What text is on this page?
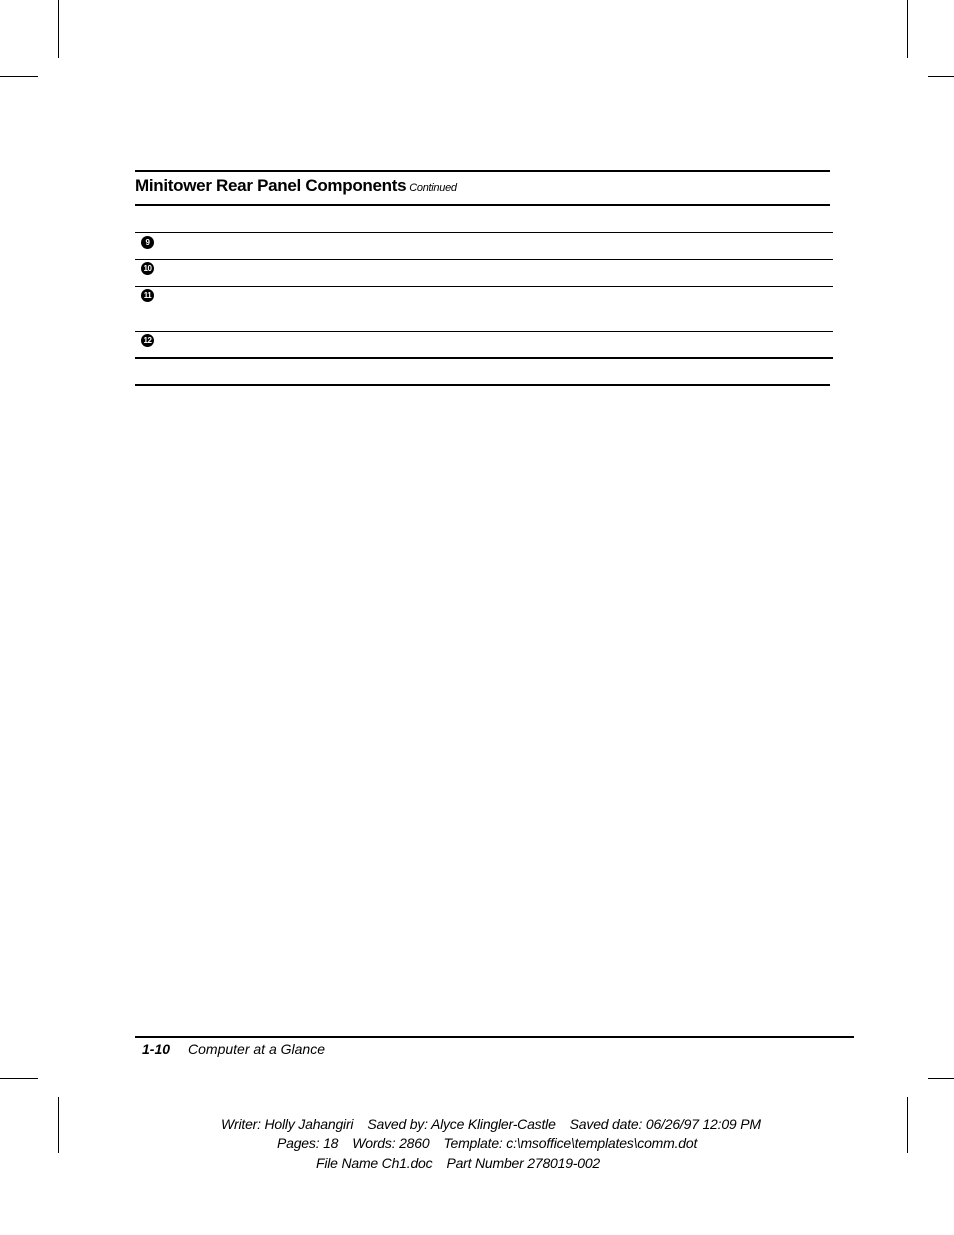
Minitower Rear Panel Components Continued
9
10
11
12
1-10 Computer at a Glance
Writer: Holly Jahangiri Saved by: Alyce Klingler-Castle Saved date: 06/26/97 12:09 PM
Pages: 18 Words: 2860 Template: c:\msoffice\templates\comm.dot
File Name Ch1.doc Part Number 278019-002
